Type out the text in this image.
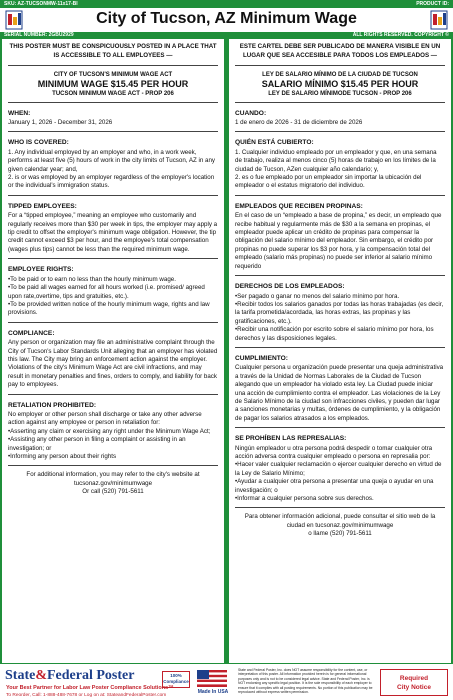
SKU: AZ-TUCSONMW-11x17-BI	PRODUCT ID:
City of Tucson, AZ Minimum Wage
SERIAL NUMBER: 2GBU2929	ALL RIGHTS RESERVED. COPYRIGHT ©

THIS POSTER MUST BE CONSPICUOUSLY POSTED IN A PLACE THAT IS ACCESSIBLE TO ALL EMPLOYEES —

CITY OF TUCSON'S MINIMUM WAGE ACT

MINIMUM WAGE $15.45 PER HOUR

TUCSON MINIMUM WAGE ACT - PROP 206

WHEN:

January 1, 2026 - December 31, 2026

WHO IS COVERED:

1. Any individual employed by an employer and who, in a work week, performs at least five (5) hours of work in the city limits of Tucson, AZ in any given calendar year; and,

2. is or was employed by an employer regardless of the employer's location or the individual's immigration status.

TIPPED EMPLOYEES:

For a “tipped employee,” meaning an employee who customarily and regularly receives more than $30 per week in tips, the employer may apply a tip credit to offset the employer's minimum wage obligation. However, the tip credit cannot exceed $3 per hour, and the employee's total compensation (wages plus tips) cannot be less than the required minimum wage.

EMPLOYEE RIGHTS:

•To be paid or to earn no less than the hourly minimum wage.

•To be paid all wages earned for all hours worked (i.e. promised/ agreed upon rate,overtime, tips and gratuities, etc.).

•To be provided written notice of the hourly minimum wage, rights and law provisions.

COMPLIANCE:

Any person or organization may file an administrative complaint through the City of Tucson's Labor Standards Unit alleging that an employer has violated this law. The City may bring an enforcement action against the employer. Violations of the city's Minimum Wage Act are civil infractions, and may result in monetary penalties and fines, orders to comply, and liability for back pay to employees.

RETALIATION PROHIBITED:

No employer or other person shall discharge or take any other adverse action against any employee or person in retaliation for:

•Asserting any claim or exercising any right under the Minimum Wage Act;

•Assisting any other person in filing a complaint or assisting in an investigation; or

•Informing any person about their rights

For additional information, you may refer to the city's website at

tucsonaz.gov/minimumwage

Or call (520) 791-5611

ESTE CARTEL DEBE SER PUBLICADO DE MANERA VISIBLE EN UN LUGAR QUE SEA ACCESIBLE PARA TODOS LOS EMPLEADOS —

LEY DE SALARIO MÍNIMO DE LA CIUDAD DE TUCSON

SALARIO MÍNIMO $15.45 PER HOUR

LEY DE SALARIO MÍNIMODE TUCSON - PROP 206

CUANDO:

1 de enero de 2026 - 31 de diciembre de 2026

QUIÉN ESTÁ CUBIERTO:

1. Cualquier individuo empleado por un empleador y que, en una semana de trabajo, realiza al menos cinco (5) horas de trabajo en los límites de la ciudad de Tucson, AZen cualquier año calendario; y,

2. es o fue empleado por un empleador sin importar la ubicación del empleador o el estatus migratorio del individuo.

EMPLEADOS QUE RECIBEN PROPINAS:

En el caso de un “empleado a base de propina,” es decir, un empleado que recibe habitual y regularmente más de $30 a la semana en propinas, el empleador puede aplicar un crédito de propinas para compensar la obligación del salario mínimo del empleador. Sin embargo, el crédito por propinas no puede superar los $3 por hora, y la compensación total del empleado (salario más propinas) no puede ser inferior al salario mínimo requerido

DERECHOS DE LOS EMPLEADOS:

•Ser pagado o ganar no menos del salario mínimo por hora.

•Recibir todos los salarios ganados por todas las horas trabajadas (es decir, la tarifa prometida/acordada, las horas extras, las propinas y las gratificaciones, etc.).

•Recibir una notificación por escrito sobre el salario mínimo por hora, los derechos y las disposiciones legales.

CUMPLIMIENTO:

Cualquier persona u organización puede presentar una queja administrativa a través de la Unidad de Normas Laborales de la Ciudad de Tucson alegando que un empleador ha violado esta ley. La Ciudad puede iniciar una acción de cumplimiento contra el empleador. Las violaciones de la Ley de Salario Mínimo de la ciudad son infracciones civiles, y pueden dar lugar a sanciones monetarias y multas, órdenes de cumplimiento, y la obligación de pagar los salarios atrasados a los empleados.

SE PROHÍBEN LAS REPRESALIAS:

Ningún empleador u otra persona podrá despedir o tomar cualquier otra acción adversa contra cualquier empleado o persona en represalia por:

•Hacer valer cualquier reclamación o ejercer cualquier derecho en virtud de la Ley de Salario Mínimo;

•Ayudar a cualquier otra persona a presentar una queja o ayudar en una investigación; o

•Informar a cualquier persona sobre sus derechos.

Para obtener información adicional, puede consultar el sitio web de la ciudad en tucsonaz.gov/minimumwage

o llame (520) 791-5611

State&Federal Poster
Your Best Partner for Labor Law Poster Compliance Solutions™
To Reorder, Call: 1-888-488-7678 or Log on at: StateandFederalPoster.com
100% Compliance
Made In USA
State and Federal Poster, Inc. does NOT assume responsibility for the content, use, or interpretation of this poster. All information provided herein is for general informational purposes only and is not to be considered legal advice. State and Federal Poster, Inc. is NOT endorsing any specific legal position. It is the sole responsibility of each employer to ensure that it complies with all posting requirements. No portion of this publication may be reproduced without express written permission.
Required
City Notice
